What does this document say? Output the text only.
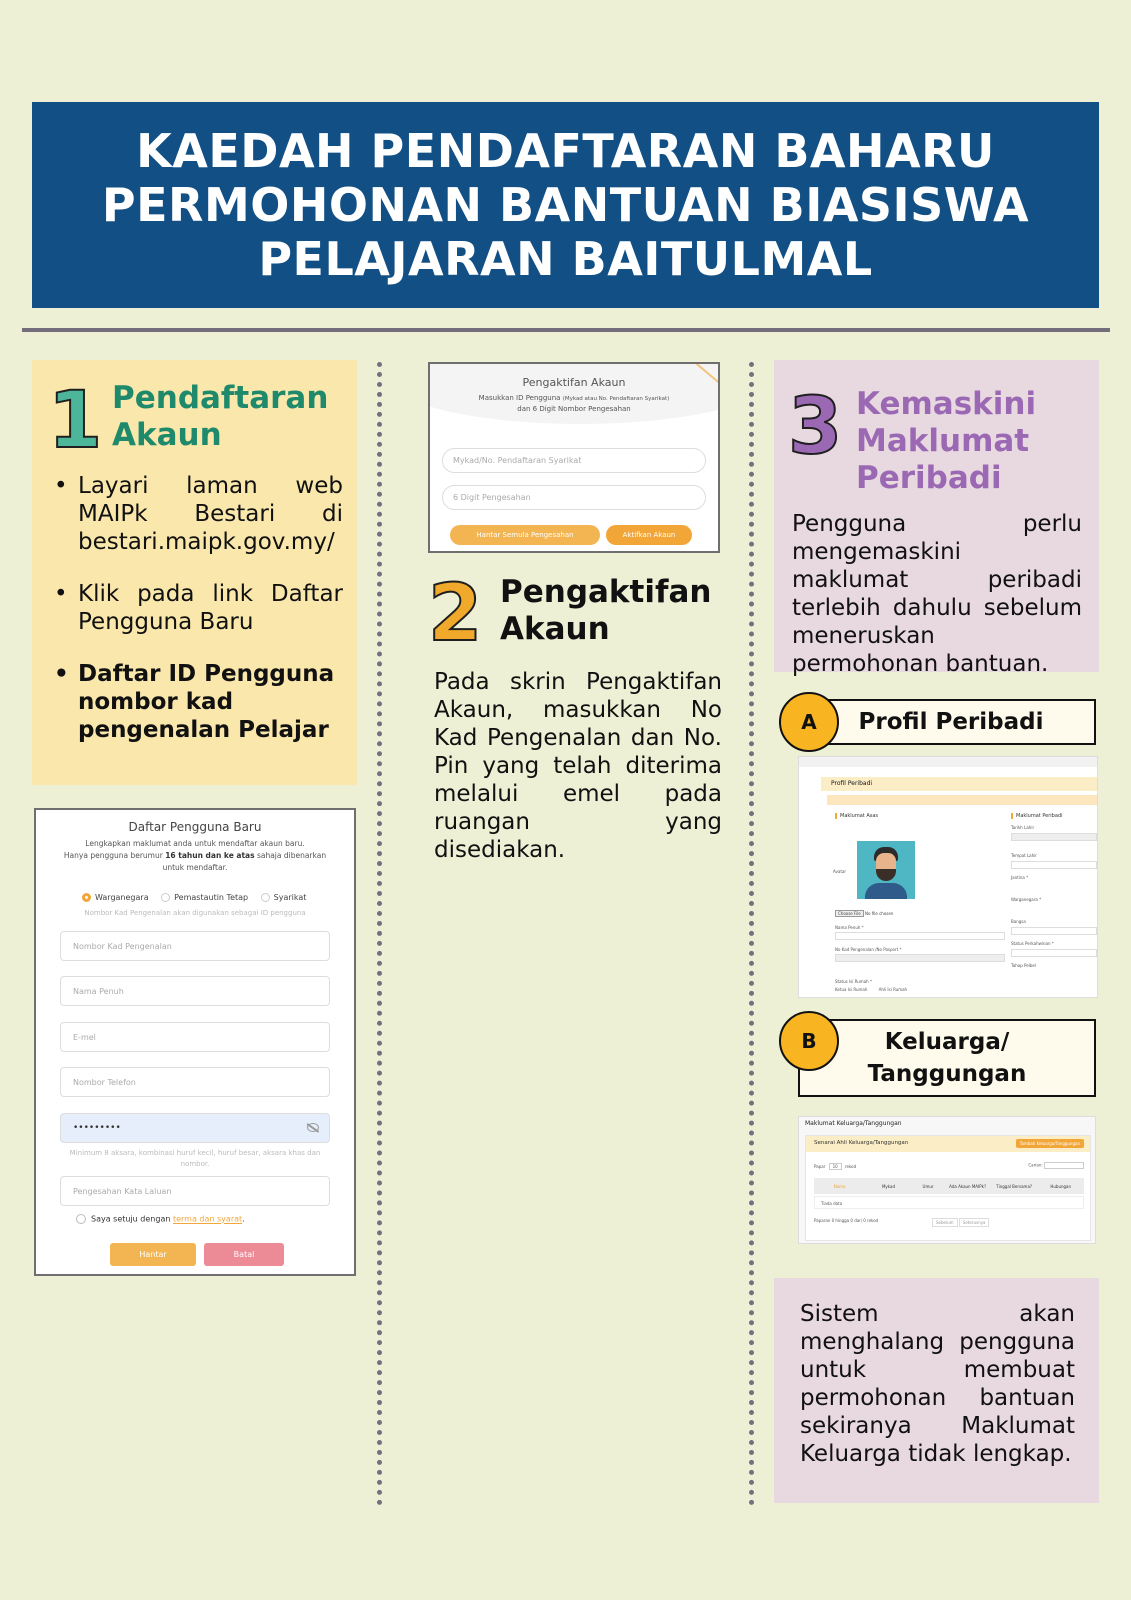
KAEDAH PENDAFTARAN BAHARU
PERMOHONAN BANTUAN BIASISWA
PELAJARAN BAITULMAL
1 Pendaftaran
Akaun
• Layari laman web MAIPk Bestari di bestari.maipk.gov.my/
• Klik pada link Daftar Pengguna Baru
• Daftar ID Pengguna nombor kad pengenalan Pelajar
Daftar Pengguna Baru
Lengkapkan maklumat anda untuk mendaftar akaun baru.
Hanya pengguna berumur 16 tahun dan ke atas sahaja dibenarkan
untuk mendaftar.
Warganegara	Pemastautin Tetap	Syarikat
Nombor Kad Pengenalan akan digunakan sebagai ID pengguna
Nombor Kad Pengenalan
Nama Penuh
E-mel
Nombor Telefon
•••••••••
Minimum 8 aksara, kombinasi huruf kecil, huruf besar, aksara khas dan
nombor.
Pengesahan Kata Laluan
Saya setuju dengan terma dan syarat.
Hantar	Batal
Pengaktifan Akaun
Masukkan ID Pengguna (Mykad atau No. Pendaftaran Syarikat)
dan 6 Digit Nombor Pengesahan
Mykad/No. Pendaftaran Syarikat
6 Digit Pengesahan
Hantar Semula Pengesahan	Aktifkan Akaun
2 Pengaktifan
Akaun
Pada skrin Pengaktifan Akaun, masukkan No Kad Pengenalan dan No. Pin yang telah diterima melalui emel pada ruangan yang disediakan.
3 Kemaskini
Maklumat
Peribadi
Pengguna perlu mengemaskini maklumat peribadi terlebih dahulu sebelum meneruskan permohonan bantuan.
Profil Peribadi
A
Profil Peribadi
Maklumat Asas	Maklumat Peribadi
Avatar
Choose File No file chosen
Nama Penuh *
No Kad Pengenalan /No Pasport *
Status Isi Rumah *
Ketua Isi Rumah	Ahli Isi Rumah
Tarikh Lahir
Tempat Lahir
Jantina *
Warganegara *
Bangsa
Status Perkahwinan *
Tahap Pelbel
Keluarga/
Tanggungan
B
Maklumat Keluarga/Tanggungan
Senarai Ahli Keluarga/Tanggungan	Tambah Keluarga/Tanggungan
Papar 10 rekod	Carian:
Nama	Mykad	Umur	Ada Akaun MAIPk?	Tinggal Bersama?	Hubungan
Tiada data
Paparan 0 hingga 0 dari 0 rekod	Sebelum Seterusnya
Sistem akan menghalang pengguna untuk membuat permohonan bantuan sekiranya Maklumat Keluarga tidak lengkap.
